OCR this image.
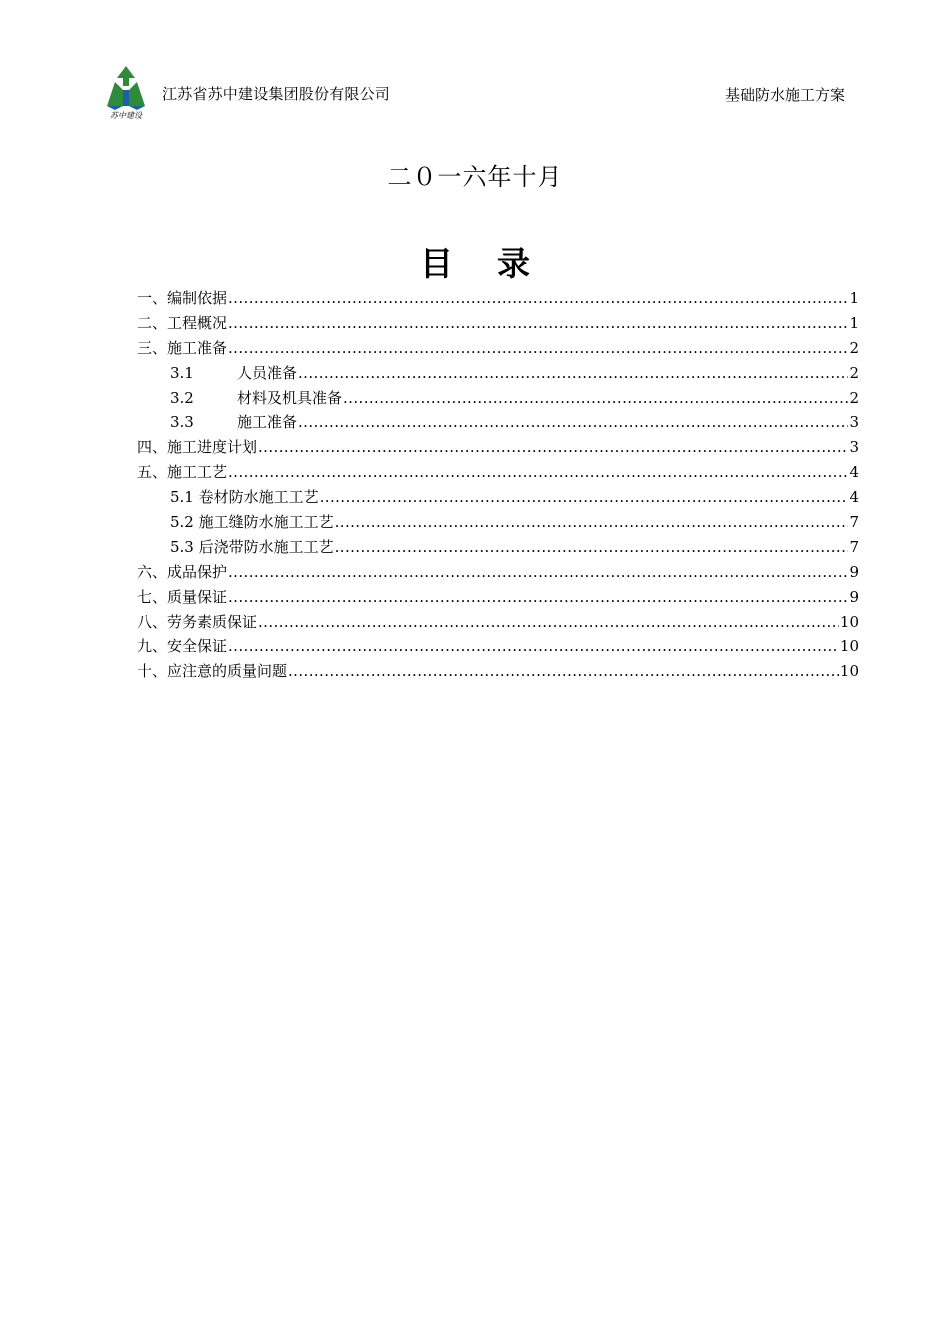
苏中建设
江苏省苏中建设集团股份有限公司	基础防水施工方案
二０一六年十月
目 录
一、编制依据 .....	1
二、工程概况 .....	1
三、施工准备 .....	2
3.1	人员准备 .....	2
3.2	材料及机具准备 .....	2
3.3	施工准备 .....	3
四、施工进度计划 .....	3
五、施工工艺 .....	4
5.1 卷材防水施工工艺 .....	4
5.2 施工缝防水施工工艺 .....	7
5.3 后浇带防水施工工艺 .....	7
六、成品保护 .....	9
七、质量保证 .....	9
八、劳务素质保证 .....	10
九、安全保证 .....	10
十、应注意的质量问题 .....	10
